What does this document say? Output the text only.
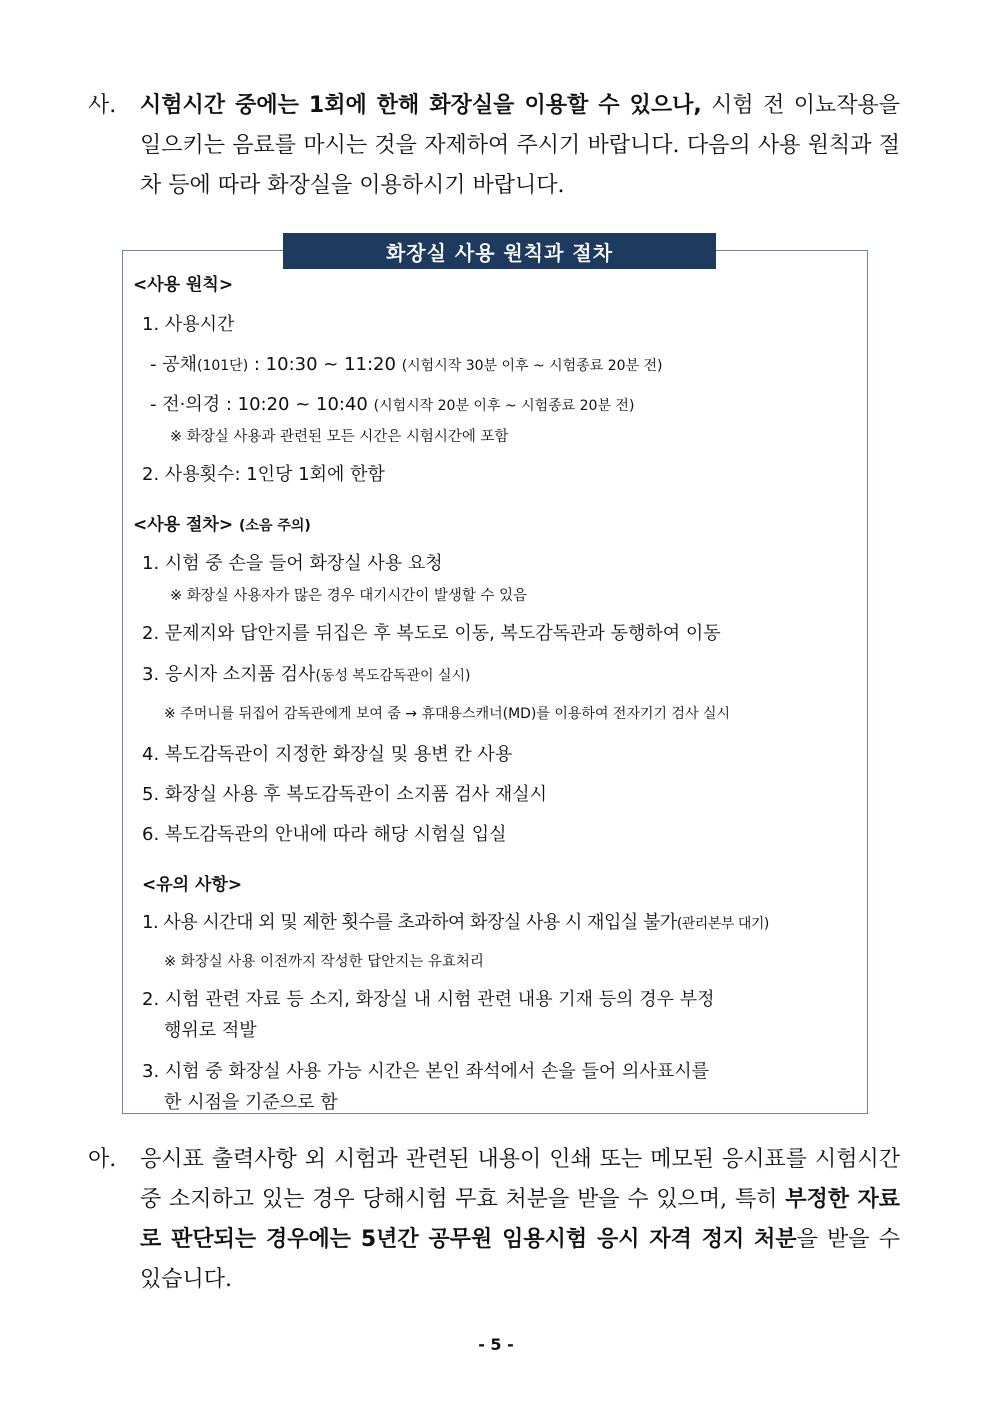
사. 시험시간 중에는 1회에 한해 화장실을 이용할 수 있으나, 시험 전 이뇨작용을 일으키는 음료를 마시는 것을 자제하여 주시기 바랍니다. 다음의 사용 원칙과 절차 등에 따라 화장실을 이용하시기 바랍니다.
화장실 사용 원칙과 절차
<사용 원칙>
1. 사용시간
- 공채(101단) : 10:30 ~ 11:20 (시험시작 30분 이후 ~ 시험종료 20분 전)
- 전·의경 : 10:20 ~ 10:40 (시험시작 20분 이후 ~ 시험종료 20분 전)
※ 화장실 사용과 관련된 모든 시간은 시험시간에 포함
2. 사용횟수: 1인당 1회에 한함
<사용 절차> (소음 주의)
1. 시험 중 손을 들어 화장실 사용 요청
※ 화장실 사용자가 많은 경우 대기시간이 발생할 수 있음
2. 문제지와 답안지를 뒤집은 후 복도로 이동, 복도감독관과 동행하여 이동
3. 응시자 소지품 검사(동성 복도감독관이 실시)
※ 주머니를 뒤집어 감독관에게 보여 줌 → 휴대용스캐너(MD)를 이용하여 전자기기 검사 실시
4. 복도감독관이 지정한 화장실 및 용변 칸 사용
5. 화장실 사용 후 복도감독관이 소지품 검사 재실시
6. 복도감독관의 안내에 따라 해당 시험실 입실
<유의 사항>
1. 사용 시간대 외 및 제한 횟수를 초과하여 화장실 사용 시 재입실 불가(관리본부 대기)
※ 화장실 사용 이전까지 작성한 답안지는 유효처리
2. 시험 관련 자료 등 소지, 화장실 내 시험 관련 내용 기재 등의 경우 부정
행위로 적발
3. 시험 중 화장실 사용 가능 시간은 본인 좌석에서 손을 들어 의사표시를
한 시점을 기준으로 함
아. 응시표 출력사항 외 시험과 관련된 내용이 인쇄 또는 메모된 응시표를 시험시간 중 소지하고 있는 경우 당해시험 무효 처분을 받을 수 있으며, 특히 부정한 자료로 판단되는 경우에는 5년간 공무원 임용시험 응시 자격 정지 처분을 받을 수 있습니다.
- 5 -
